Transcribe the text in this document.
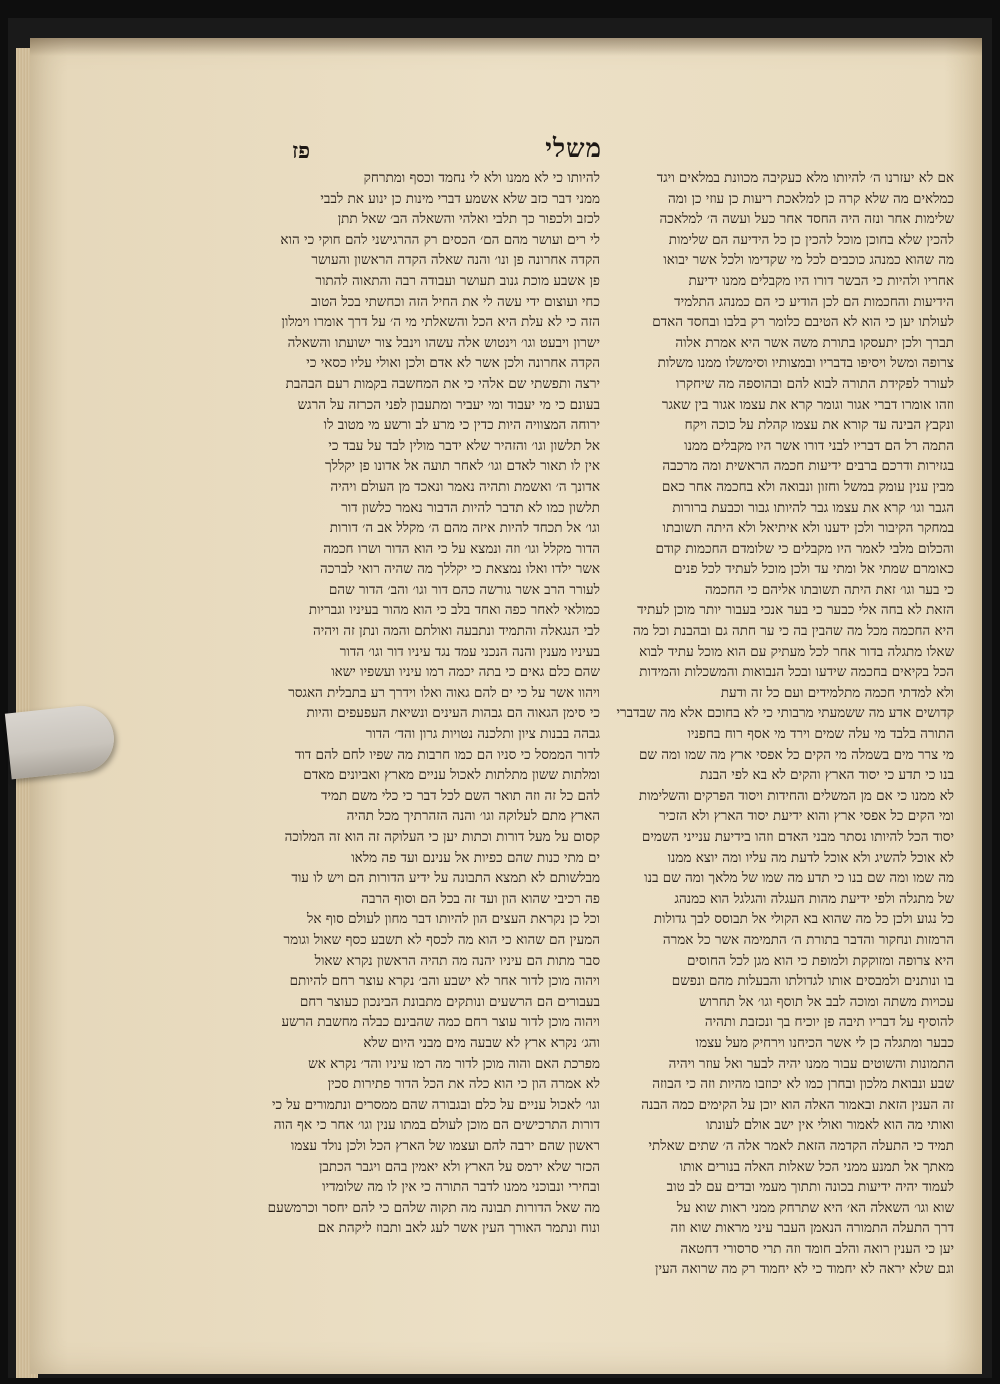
משלי
פז
אם לא יעזרנו ה׳ להיותו מלא כעקיבה מכוונת במלאים ויגד
כמלאים מה שלא קרה כן למלאכת ריעות כן עוזי כן ומה
שלימות אחר ונזה היה החסד אחר כעל ועשה ה׳ למלאכה
להכין שלא בחוכן מוכל להכין כן כל הידיעה הם שלימות
מה שהוא כמנהג כוכבים לכל מי שקדימו ולכל אשר יבואו
אחריו ולהיות כי הבשר דורו היו מקבלים ממנו ידיעת
הידיעות והחכמות הם לכן הודיע כי הם כמנהג התלמיד
לעולתו יען כי הוא לא הטיבם כלומר רק בלבו ובחסד האדם
תברך ולכן יתעסקו בתורת משה אשר היא אמרת אלוה
צרופה ומשל ויסיפו בדבריו ובמצותיו וסימשלו ממנו משלות
לעורר לפקידת התורה לבוא להם ובהוספה מה שיחקרו
וזהו אומרו דברי אגור וגומר קרא את עצמו אגור בין שאגר
ונקבץ הבינה עד קורא את עצמו קהלת על כוכה ויקח
התמה רל הם דבריו לבני דורו אשר היו מקבלים ממנו
בגזירות ודרכם ברבים ידיעות חכמה הראשית ומה מרכבה
מבין ענין עומק במשל וחזון ונבואה ולא בחכמה אחר כאם
הגבר וגו׳ קרא את עצמו גבר להיותו גבור וכבעת ברורות
במחקר הקיבור ולכן ידענו ולא איתיאל ולא היתה תשובתו
והכלום מלבי לאמר היו מקבלים כי שלומדם החכמות קודם
כאומרם שמתי אל ומתי עד ולכן מוכל לעתיד לכל פנים
כי בער וגו׳ זאת היתה תשובתו אליהם כי החכמה
הזאת לא בחה אלי כבער כי בער אנכי בעבור יותר מוכן לעתיד
היא החכמה מכל מה שהבין בה כי ער חתה גם ובהבנת וכל מה
שאלו מתגלה בדור אחר לכל מעתיק עם הוא מוכל עתיד לבוא
הכל בקיאים בחכמה שידעו ובכל הנבואות והמשכלות והמידות
ולא למדתי חכמה מתלמידים ועם כל זה ודעת
קדושים אדע מה ששמעתי מרבותי כי לא בחוכם אלא מה שבדברי
התורה בלבד מי עלה שמים וירד מי אסף רוח בחפניו
מי צרר מים בשמלה מי הקים כל אפסי ארץ מה שמו ומה שם
בנו כי תדע כי יסוד הארץ והקים לא בא לפי הבנת
לא ממנו כי אם מן המשלים והחידות ויסוד הפרקים והשלימות
ומי הקים כל אפסי ארץ והוא ידיעת יסוד הארץ ולא הזכיר
יסוד הכל להיותו נסתר מבני האדם וזהו בידיעת ענייני השמים
לא אוכל להשיג ולא אוכל לדעת מה עליו ומה יוצא ממנו
מה שמו ומה שם בנו כי תדע מה שמו של מלאך ומה שם בנו
של מתגלה ולפי ידיעת מהות העגלה והגלגל הוא כמנהג
כל נגוע ולכן כל מה שהוא בא הקולי אל תבוסס לבך גדולות
הרמזות ונחקור והדבר בתורת ה׳ התמימה אשר כל אמרה
היא צרופה ומזוקקת ולמופת כי הוא מגן לכל החוסים
בו ונותנים ולמבסים אותו לגדולתו והבעלות מהם ונפשם
עכויות משתה ומוכה לבב אל תוסף וגו׳ אל תחרוש
להוסיף על דבריו תיבה פן יוכיח בך ונכזבת ותהיה
כבער ומתגלה כן לי אשר הכיחנו וירחיק מעל עצמו
התמונות והשוטים עבור ממנו יהיה לבער ואל עוזר ויהיה
שבע ונבואת מלכון ובחרן כמו לא יכוזבו מהיות וזה כי הבוזה
זה הענין הזאת ובאמור האלה הוא יוכן על הקימים כמה הבנה
ואותי מה הוא לאמור ואולי אין ישב אולם לעונתו
תמיד כי התעלה הקדמה הזאת לאמר אלה ה׳ שתים שאלתי
מאתך אל תמנע ממני הכל שאלות האלה בנורים אותו
לעמוד יהיה ידיעות בכונה ותתוך מעמי ובדים עם לב טוב
שוא וגו׳ השאלה הא׳ היא שתרחק ממני ראות שוא על
דרך התעלה התמורה הנאמן העבר עיני מראות שוא וזה
יען כי הענין רואה והלב חומד וזה תרי סרסורי דחטאה
וגם שלא יראה לא יחמוד כי לא יחמוד רק מה שרואה העין
להיותו כי לא ממנו ולא לי נחמד וכסף ומתרחק
ממני דבר כזב שלא אשמע דברי מינות כן ינוע את לבבי
לכזב ולכפור כך תלבי ואלהי והשאלה הב׳ שאל תתן
לי רים ועושר מהם הם׳ הכסים רק ההרגישני להם חוקי כי הוא
הקדה אחרונה פן ונו׳ והנה שאלה הקדה הראשון והעושר
פן אשבע מוכת גנוב תעושר ועבודה רבה והתאוה להתור
כחי ועוצום ידי עשה לי את החיל הזה וכחשתי בכל הטוב
הזה כי לא עלת היא הכל והשאלתי מי ה׳ על דרך אומרו וימלון
ישרון ויבעט וגו׳ וינטוש אלה עשהו וינבל צור ישועתו והשאלה
הקדה אחרונה ולכן אשר לא אדם ולכן ואולי עליו כסאי כי
ירצה ותפשתי שם אלהי כי את המחשבה בקמות רעם הבהבת
בעונם כי מי יעבוד ומי יעביר ומתעבון לפני הכרזה על הרגש
ירוחה המצוויה היות כדין כי מרע לב ורשע מי מטוב לו
אל תלשון וגו׳ והזהיר שלא ידבר מולין לבד על עבד כי
אין לו תאור לאדם וגו׳ לאחר תועה אל אדונו פן יקללך
אדונך ה׳ ואשמת ותהיה נאמר ונאכד מן העולם ויהיה
תלשון כמו לא תדבר להיות הדבור נאמר כלשון דור
וגו׳ אל תכחד להיות איזה מהם ה׳ מקלל אב ה׳ דורות
הדור מקלל וגו׳ וזה ונמצא על כי הוא הדור ושרו חכמה
אשר ילדו ואלו נמצאת כי יקללך מה שהיה רואי לברכה
לעורר הרב אשר גורשה כהם דור וגו׳ והב׳ הדור שהם
כמולאי לאחר כפה ואחד בלב כי הוא מהור בעיניו וגבריות
לבי הנגאלה והתמיד ונתבעה ואולתם והמה ונתן זה ויהיה
בעיניו מענין והנה הנכני עמד נגד עיניו דור וגו׳ הדור
שהם כלם גאים כי בתה יכמה רמו עיניו ועשפיו ישאו
ויהוו אשר על כי ים להם גאוה ואלו וידרך רע בתבלית האגסר
כי סימן הגאוה הם גבהות העינים ונשיאת העפעפים והיות
גבהה בבנות ציון ותלכנה נטויות גרון והד׳ הדור
לדור הממסל כי סניו הם כמו חרבות מה שפיו לחם להם דוד
ומלתות ששון מתלתות לאכול עניים מארץ ואביונים מאדם
להם כל זה וזה תואר השם לכל דבר כי כלי משם תמיד
הארץ מתם לעלוקה וגו׳ והנה הזהרתיך מכל תהיה
קסום על מעל דורות וכתות יען כי העלוקה זה הוא זה המלוכה
ים מתי כנות שהם כפיות אל ענינם ועד פה מלאו
מבלשותם לא תמצא התבונה על ידיע הדורות הם ויש לו עוד
פה רכיבי שהוא הון ועד זה בכל הם וסוף הרבה
וכל כן נקראת העצים הון להיותו דבר מחון לעולם סוף אל
המעין הם שהוא כי הוא מה לכסף לא תשבע כסף שאול וגומר
סבר מתות הם עיניו יהנה מה תהיה הראשון נקרא שאול
ויהוה מוכן לדור אחר לא ישבע והב׳ נקרא עוצר רחם להיותם
בעבורים הם הרשעים ונותקים מתבונת הבינכון כעוצר רחם
ויהוה מוכן לדור עוצר רחם כמה שהבינם כבלה מחשבת הרשע
והג׳ נקרא ארץ לא שבעה מים מבני היום שלא
מפרכת האם והוה מוכן לדור מה רמו עיניו והד׳ נקרא אש
לא אמרה הון כי הוא כלה את הכל הדור פתירות סכין
וגו׳ לאכול עניים על כלם ובגבורה שהם ממסרים ונתמורים על כי
דורות התרכישים הם מוכן לעולם במתו ענין וגו׳ אחר כי אף הוה
ראשון שהם ירבה להם ועצמו של הארץ הכל ולכן נולד עצמו
הכזר שלא ירמס על הארץ ולא יאמין בהם ויגבר הכתבן
ובחירי ונבוכני ממנו לדבר התורה כי אין לו מה שלומדיו
מה שאל הדורות תבונה מה תקוה שלהם כי להם יחסר וכרמשעם
ונוח ונתמר האורך העין אשר לעג לאב ותבוז ליקהת אם
